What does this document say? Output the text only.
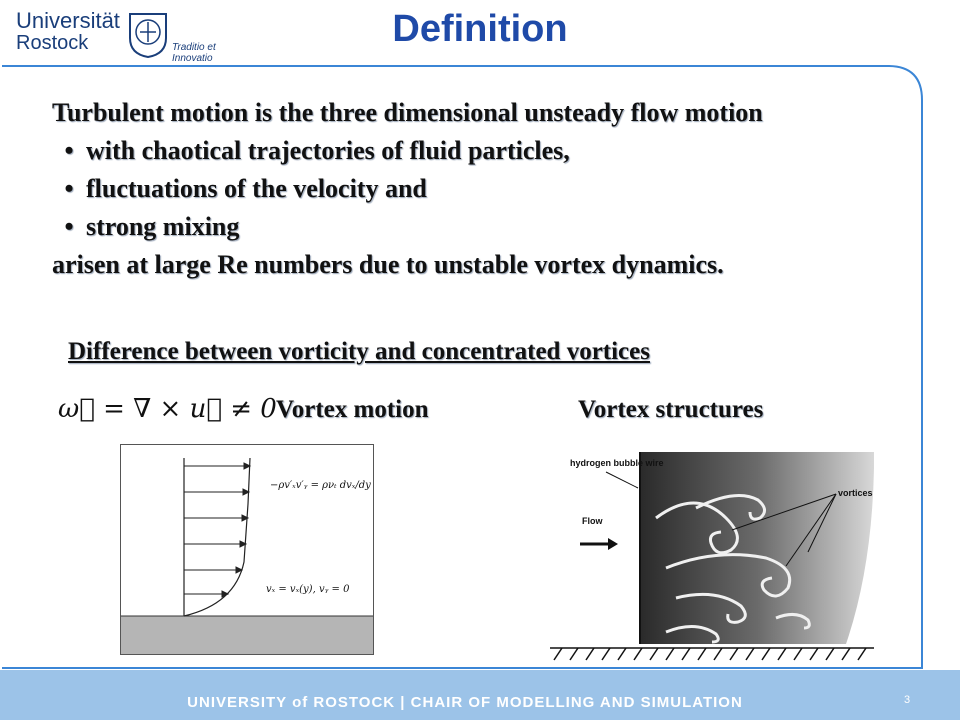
Universität
Rostock	Traditio et Innovatio
Definition
Turbulent motion is the three dimensional unsteady flow motion
• with chaotical trajectories of fluid particles,
• fluctuations of the velocity and
• strong mixing
arisen at large Re numbers due to unstable vortex dynamics.
Difference between vorticity and concentrated vortices
ω⃗ = ∇ × u⃗ ≠ 0 Vortex motion	Vortex structures
−ρv′ₓv′ᵧ = ρνₜ dvₓ/dy
vₓ = vₓ(y), vᵧ = 0
hydrogen bubble wire
Flow
vortices
UNIVERSITY of ROSTOCK | CHAIR OF MODELLING AND SIMULATION	3
